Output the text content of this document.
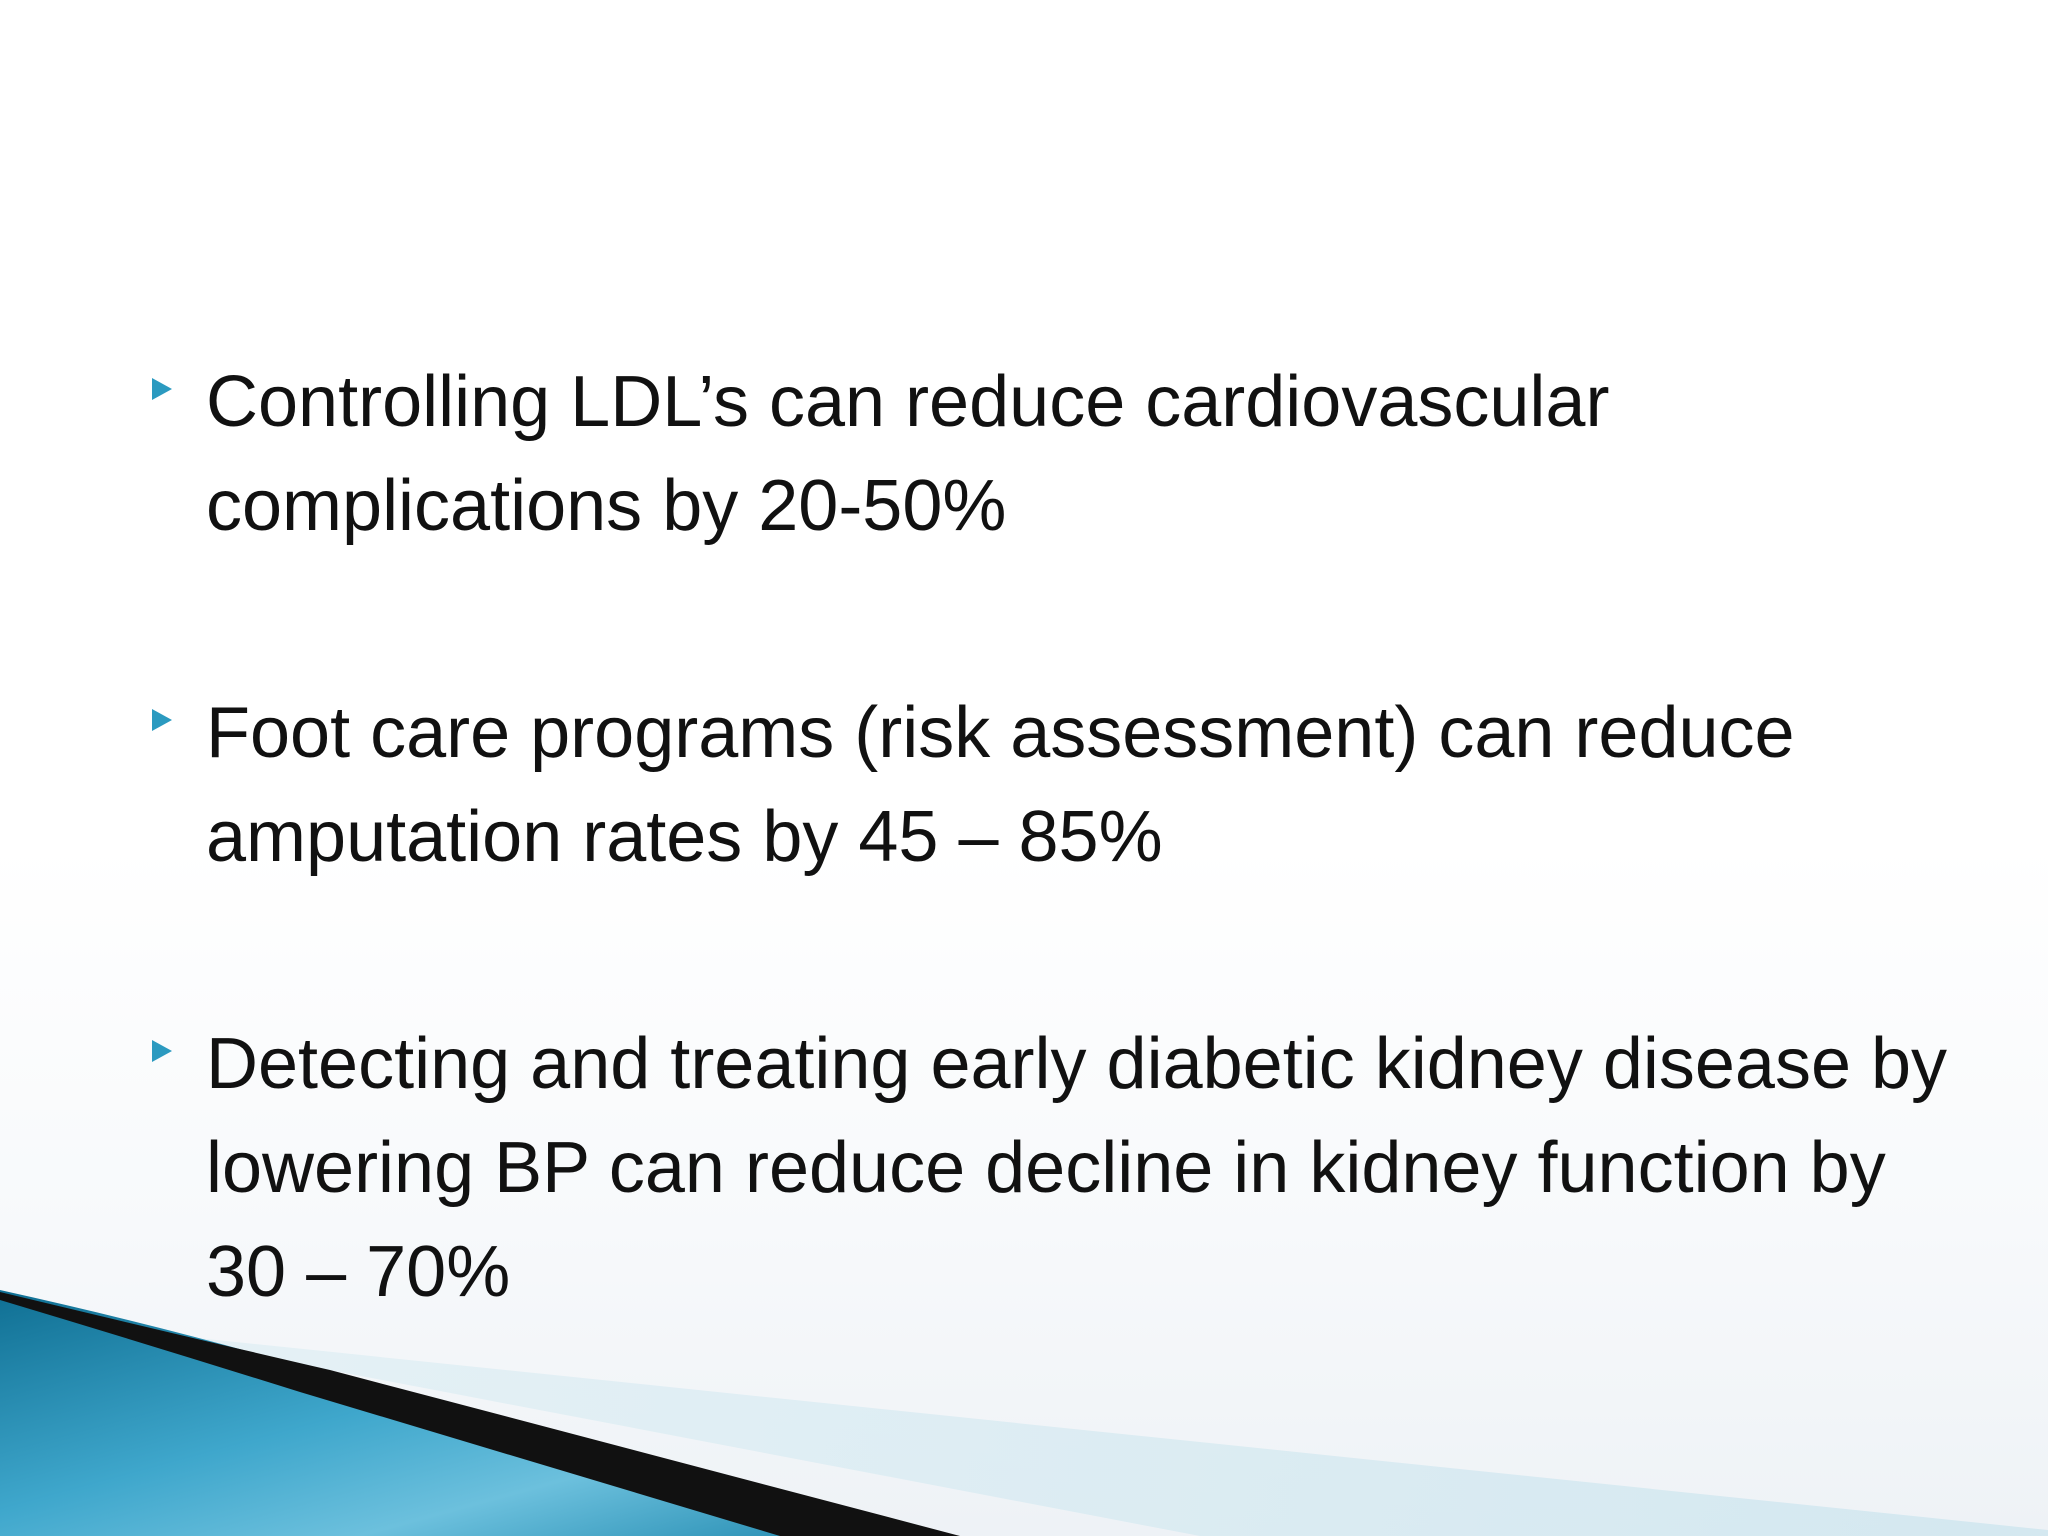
Controlling LDL’s can reduce cardiovascular complications by 20-50%
Foot care programs (risk assessment) can reduce amputation rates by 45 – 85%
Detecting and treating early diabetic kidney disease by lowering BP can reduce decline in kidney function by 30 – 70%
